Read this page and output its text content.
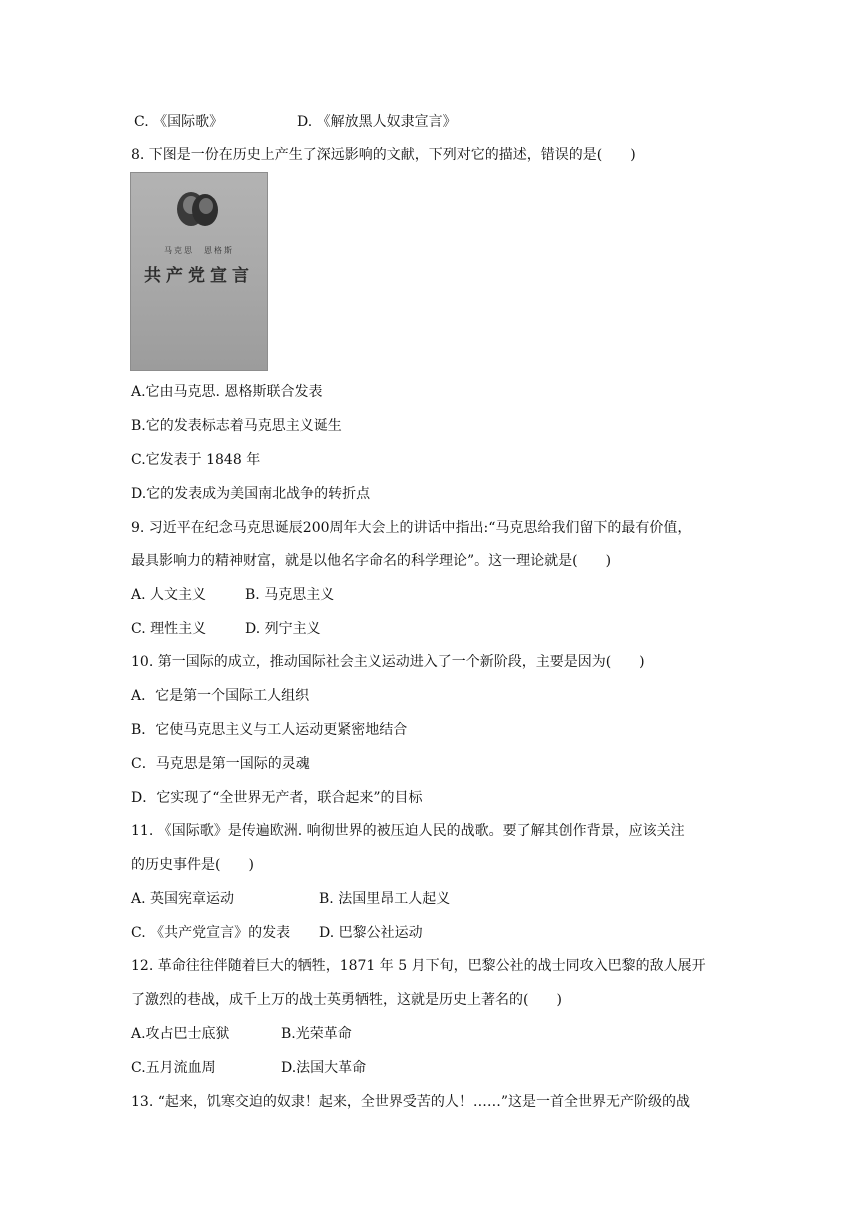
C. 《国际歌》	D. 《解放黑人奴隶宣言》
8. 下图是一份在历史上产生了深远影响的文献，下列对它的描述，错误的是(　　)
马克思　恩格斯
共产党宣言
A.它由马克思. 恩格斯联合发表
B.它的发表标志着马克思主义诞生
C.它发表于 1848 年
D.它的发表成为美国南北战争的转折点
9. 习近平在纪念马克思诞辰200周年大会上的讲话中指出:“马克思给我们留下的最有价值，
最具影响力的精神财富，就是以他名字命名的科学理论”。这一理论就是(　　)
A. 人文主义	B. 马克思主义
C. 理性主义	D. 列宁主义
10. 第一国际的成立，推动国际社会主义运动进入了一个新阶段，主要是因为(　　)
A．它是第一个国际工人组织
B．它使马克思主义与工人运动更紧密地结合
C．马克思是第一国际的灵魂
D．它实现了“全世界无产者，联合起来”的目标
11. 《国际歌》是传遍欧洲. 响彻世界的被压迫人民的战歌。要了解其创作背景，应该关注
的历史事件是(　　)
A. 英国宪章运动	B. 法国里昂工人起义
C. 《共产党宣言》的发表 D. 巴黎公社运动
12. 革命往往伴随着巨大的牺牲，1871 年 5 月下旬，巴黎公社的战士同攻入巴黎的敌人展开
了激烈的巷战，成千上万的战士英勇牺牲，这就是历史上著名的(　　)
A.攻占巴士底狱	B.光荣革命
C.五月流血周	D.法国大革命
13. “起来，饥寒交迫的奴隶！起来，全世界受苦的人！……”这是一首全世界无产阶级的战
